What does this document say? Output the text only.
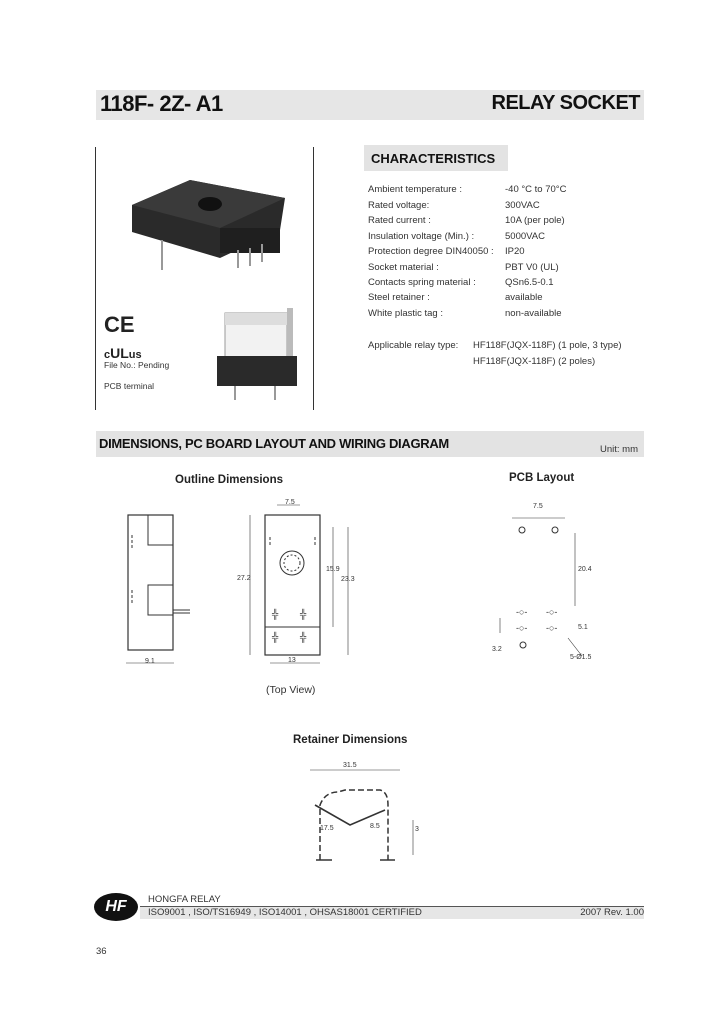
118F- 2Z- A1	RELAY SOCKET
CE
cULus
File No.: Pending
PCB terminal
CHARACTERISTICS
Ambient temperature :	-40 °C to 70°C
Rated voltage:	300VAC
Rated current :	10A (per pole)
Insulation voltage (Min.) :	5000VAC
Protection degree DIN40050 : IP20
Socket material :	PBT V0 (UL)
Contacts spring material :	QSn6.5-0.1
Steel retainer :	available
White plastic tag :	non-available
Applicable relay type: HF118F(JQX-118F) (1 pole, 3 type)
HF118F(JQX-118F) (2 poles)
DIMENSIONS, PC BOARD LAYOUT AND WIRING DIAGRAM	Unit: mm
Outline Dimensions	PCB Layout
9.1
╬ ╬
╬ ╬
7.5
27.2
15.9
23.3
13
(Top View)
-○- -○-
-○- -○-
7.5
20.4
5.1
3.2
5-Ø1.5
Retainer Dimensions
31.5
17.5	8.5	3
HF	HONGFA RELAY
ISO9001 , ISO/TS16949 , ISO14001 , OHSAS18001 CERTIFIED	2007 Rev. 1.00
36
